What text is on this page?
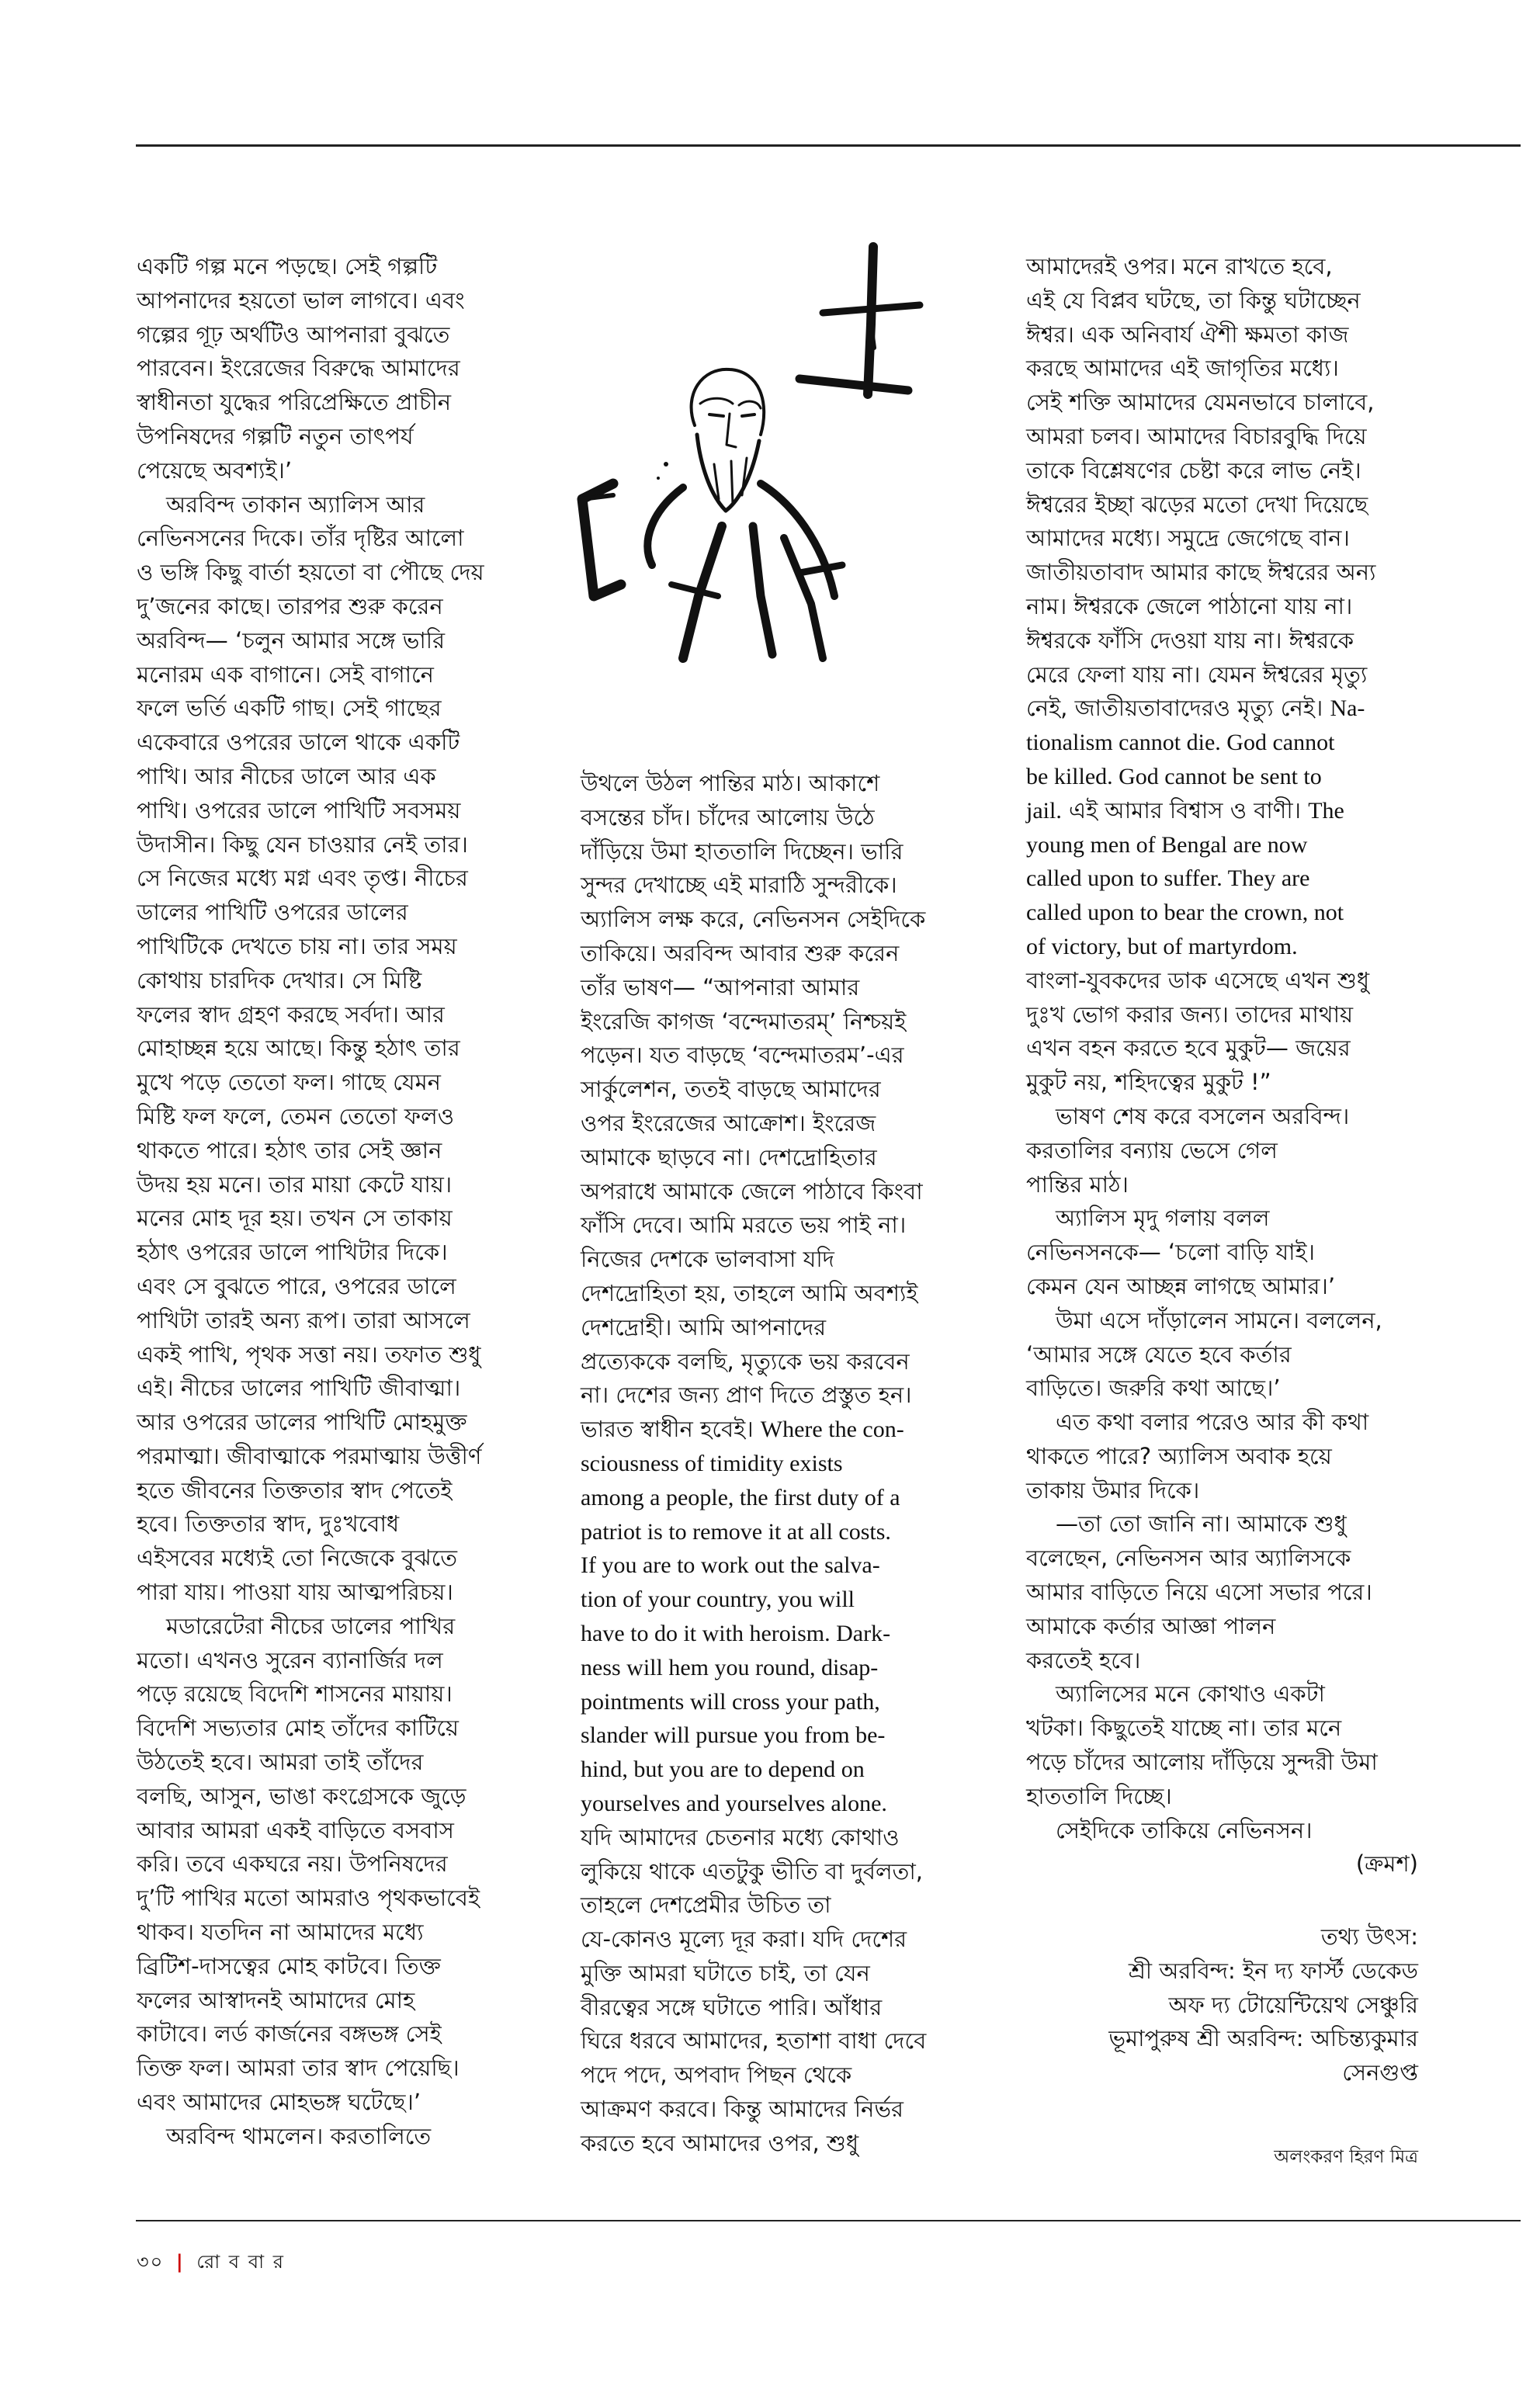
একটি গল্প মনে পড়ছে। সেই গল্পটি

আপনাদের হয়তো ভাল লাগবে। এবং

গল্পের গূঢ় অর্থটিও আপনারা বুঝতে

পারবেন। ইংরেজের বিরুদ্ধে আমাদের

স্বাধীনতা যুদ্ধের পরিপ্রেক্ষিতে প্রাচীন

উপনিষদের গল্পটি নতুন তাৎপর্য

পেয়েছে অবশ্যই।’

অরবিন্দ তাকান অ্যালিস আর

নেভিনসনের দিকে। তাঁর দৃষ্টির আলো

ও ভঙ্গি কিছু বার্তা হয়তো বা পৌছে দেয়

দু’জনের কাছে। তারপর শুরু করেন

অরবিন্দ— ‘চলুন আমার সঙ্গে ভারি

মনোরম এক বাগানে। সেই বাগানে

ফলে ভর্তি একটি গাছ। সেই গাছের

একেবারে ওপরের ডালে থাকে একটি

পাখি। আর নীচের ডালে আর এক

পাখি। ওপরের ডালে পাখিটি সবসময়

উদাসীন। কিছু যেন চাওয়ার নেই তার।

সে নিজের মধ্যে মগ্ন এবং তৃপ্ত। নীচের

ডালের পাখিটি ওপরের ডালের

পাখিটিকে দেখতে চায় না। তার সময়

কোথায় চারদিক দেখার। সে মিষ্টি

ফলের স্বাদ গ্রহণ করছে সর্বদা। আর

মোহাচ্ছন্ন হয়ে আছে। কিন্তু হঠাৎ তার

মুখে পড়ে তেতো ফল। গাছে যেমন

মিষ্টি ফল ফলে, তেমন তেতো ফলও

থাকতে পারে। হঠাৎ তার সেই জ্ঞান

উদয় হয় মনে। তার মায়া কেটে যায়।

মনের মোহ দূর হয়। তখন সে তাকায়

হঠাৎ ওপরের ডালে পাখিটার দিকে।

এবং সে বুঝতে পারে, ওপরের ডালে

পাখিটা তারই অন্য রূপ। তারা আসলে

একই পাখি, পৃথক সত্তা নয়। তফাত শুধু

এই। নীচের ডালের পাখিটি জীবাত্মা।

আর ওপরের ডালের পাখিটি মোহমুক্ত

পরমাত্মা। জীবাত্মাকে পরমাত্মায় উত্তীর্ণ

হতে জীবনের তিক্ততার স্বাদ পেতেই

হবে। তিক্ততার স্বাদ, দুঃখবোধ

এইসবের মধ্যেই তো নিজেকে বুঝতে

পারা যায়। পাওয়া যায় আত্মপরিচয়।

মডারেটেরা নীচের ডালের পাখির

মতো। এখনও সুরেন ব্যানার্জির দল

পড়ে রয়েছে বিদেশি শাসনের মায়ায়।

বিদেশি সভ্যতার মোহ তাঁদের কাটিয়ে

উঠতেই হবে। আমরা তাই তাঁদের

বলছি, আসুন, ভাঙা কংগ্রেসকে জুড়ে

আবার আমরা একই বাড়িতে বসবাস

করি। তবে একঘরে নয়। উপনিষদের

দু’টি পাখির মতো আমরাও পৃথকভাবেই

থাকব। যতদিন না আমাদের মধ্যে

ব্রিটিশ-দাসত্বের মোহ কাটবে। তিক্ত

ফলের আস্বাদনই আমাদের মোহ

কাটাবে। লর্ড কার্জনের বঙ্গভঙ্গ সেই

তিক্ত ফল। আমরা তার স্বাদ পেয়েছি।

এবং আমাদের মোহভঙ্গ ঘটেছে।’

অরবিন্দ থামলেন। করতালিতে

উথলে উঠল পান্তির মাঠ। আকাশে

বসন্তের চাঁদ। চাঁদের আলোয় উঠে

দাঁড়িয়ে উমা হাততালি দিচ্ছেন। ভারি

সুন্দর দেখাচ্ছে এই মারাঠি সুন্দরীকে।

অ্যালিস লক্ষ করে, নেভিনসন সেইদিকে

তাকিয়ে। অরবিন্দ আবার শুরু করেন

তাঁর ভাষণ— “আপনারা আমার

ইংরেজি কাগজ ‘বন্দেমাতরম্’ নিশ্চয়ই

পড়েন। যত বাড়ছে ‘বন্দেমাতরম’-এর

সার্কুলেশন, ততই বাড়ছে আমাদের

ওপর ইংরেজের আক্রোশ। ইংরেজ

আমাকে ছাড়বে না। দেশদ্রোহিতার

অপরাধে আমাকে জেলে পাঠাবে কিংবা

ফাঁসি দেবে। আমি মরতে ভয় পাই না।

নিজের দেশকে ভালবাসা যদি

দেশদ্রোহিতা হয়, তাহলে আমি অবশ্যই

দেশদ্রোহী। আমি আপনাদের

প্রত্যেককে বলছি, মৃত্যুকে ভয় করবেন

না। দেশের জন্য প্রাণ দিতে প্রস্তুত হন।

ভারত স্বাধীন হবেই। Where the con-

sciousness of timidity exists

among a people, the first duty of a

patriot is to remove it at all costs.

If you are to work out the salva-

tion of your country, you will

have to do it with heroism. Dark-

ness will hem you round, disap-

pointments will cross your path,

slander will pursue you from be-

hind, but you are to depend on

yourselves and yourselves alone.

যদি আমাদের চেতনার মধ্যে কোথাও

লুকিয়ে থাকে এতটুকু ভীতি বা দুর্বলতা,

তাহলে দেশপ্রেমীর উচিত তা

যে-কোনও মূল্যে দূর করা। যদি দেশের

মুক্তি আমরা ঘটাতে চাই, তা যেন

বীরত্বের সঙ্গে ঘটাতে পারি। আঁধার

ঘিরে ধরবে আমাদের, হতাশা বাধা দেবে

পদে পদে, অপবাদ পিছন থেকে

আক্রমণ করবে। কিন্তু আমাদের নির্ভর

করতে হবে আমাদের ওপর, শুধু

আমাদেরই ওপর। মনে রাখতে হবে,

এই যে বিপ্লব ঘটছে, তা কিন্তু ঘটাচ্ছেন

ঈশ্বর। এক অনিবার্য ঐশী ক্ষমতা কাজ

করছে আমাদের এই জাগৃতির মধ্যে।

সেই শক্তি আমাদের যেমনভাবে চালাবে,

আমরা চলব। আমাদের বিচারবুদ্ধি দিয়ে

তাকে বিশ্লেষণের চেষ্টা করে লাভ নেই।

ঈশ্বরের ইচ্ছা ঝড়ের মতো দেখা দিয়েছে

আমাদের মধ্যে। সমুদ্রে জেগেছে বান।

জাতীয়তাবাদ আমার কাছে ঈশ্বরের অন্য

নাম। ঈশ্বরকে জেলে পাঠানো যায় না।

ঈশ্বরকে ফাঁসি দেওয়া যায় না। ঈশ্বরকে

মেরে ফেলা যায় না। যেমন ঈশ্বরের মৃত্যু

নেই, জাতীয়তাবাদেরও মৃত্যু নেই। Na-

tionalism cannot die. God cannot

be killed. God cannot be sent to

jail. এই আমার বিশ্বাস ও বাণী। The

young men of Bengal are now

called upon to suffer. They are

called upon to bear the crown, not

of victory, but of martyrdom.

বাংলা-যুবকদের ডাক এসেছে এখন শুধু

দুঃখ ভোগ করার জন্য। তাদের মাথায়

এখন বহন করতে হবে মুকুট— জয়ের

মুকুট নয়, শহিদত্বের মুকুট !”

ভাষণ শেষ করে বসলেন অরবিন্দ।

করতালির বন্যায় ভেসে গেল

পান্তির মাঠ।

অ্যালিস মৃদু গলায় বলল

নেভিনসনকে— ‘চলো বাড়ি যাই।

কেমন যেন আচ্ছন্ন লাগছে আমার।’

উমা এসে দাঁড়ালেন সামনে। বললেন,

‘আমার সঙ্গে যেতে হবে কর্তার

বাড়িতে। জরুরি কথা আছে।’

এত কথা বলার পরেও আর কী কথা

থাকতে পারে? অ্যালিস অবাক হয়ে

তাকায় উমার দিকে।

—তা তো জানি না। আমাকে শুধু

বলেছেন, নেভিনসন আর অ্যালিসকে

আমার বাড়িতে নিয়ে এসো সভার পরে।

আমাকে কর্তার আজ্ঞা পালন

করতেই হবে।

অ্যালিসের মনে কোথাও একটা

খটকা। কিছুতেই যাচ্ছে না। তার মনে

পড়ে চাঁদের আলোয় দাঁড়িয়ে সুন্দরী উমা

হাততালি দিচ্ছে।

সেইদিকে তাকিয়ে নেভিনসন।

(ক্রমশ)

তথ্য উৎস:

শ্রী অরবিন্দ: ইন দ্য ফার্স্ট ডেকেড

অফ দ্য টোয়েন্টিয়েথ সেঞ্চুরি

ভূমাপুরুষ শ্রী অরবিন্দ: অচিন্ত্যকুমার

সেনগুপ্ত

অলংকরণ হিরণ মিত্র
৩০ | রো ব বা র
